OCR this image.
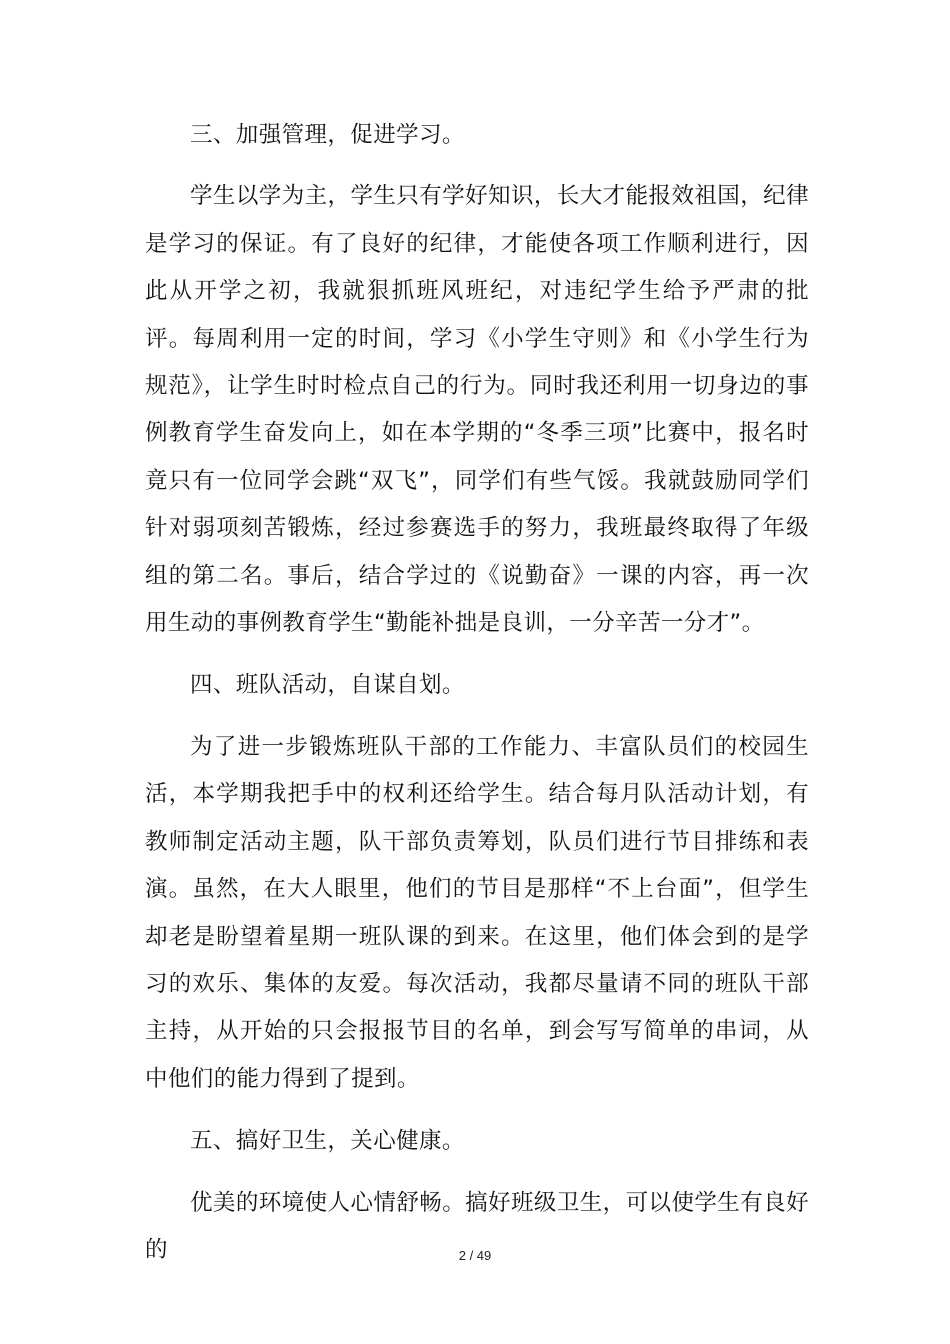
三、加强管理，促进学习。

学生以学为主，学生只有学好知识，长大才能报效祖国，纪律是学习的保证。有了良好的纪律，才能使各项工作顺利进行，因此从开学之初，我就狠抓班风班纪，对违纪学生给予严肃的批评。每周利用一定的时间，学习《小学生守则》和《小学生行为规范》，让学生时时检点自己的行为。同时我还利用一切身边的事例教育学生奋发向上，如在本学期的“冬季三项”比赛中，报名时竟只有一位同学会跳“双飞”，同学们有些气馁。我就鼓励同学们针对弱项刻苦锻炼，经过参赛选手的努力，我班最终取得了年级组的第二名。事后，结合学过的《说勤奋》一课的内容，再一次用生动的事例教育学生“勤能补拙是良训，一分辛苦一分才”。

四、班队活动，自谋自划。

为了进一步锻炼班队干部的工作能力、丰富队员们的校园生活，本学期我把手中的权利还给学生。结合每月队活动计划，有教师制定活动主题，队干部负责筹划，队员们进行节目排练和表演。虽然，在大人眼里，他们的节目是那样“不上台面”，但学生却老是盼望着星期一班队课的到来。在这里，他们体会到的是学习的欢乐、集体的友爱。每次活动，我都尽量请不同的班队干部主持，从开始的只会报报节目的名单，到会写写简单的串词，从中他们的能力得到了提到。

五、搞好卫生，关心健康。

优美的环境使人心情舒畅。搞好班级卫生，可以使学生有良好的	2 / 49
